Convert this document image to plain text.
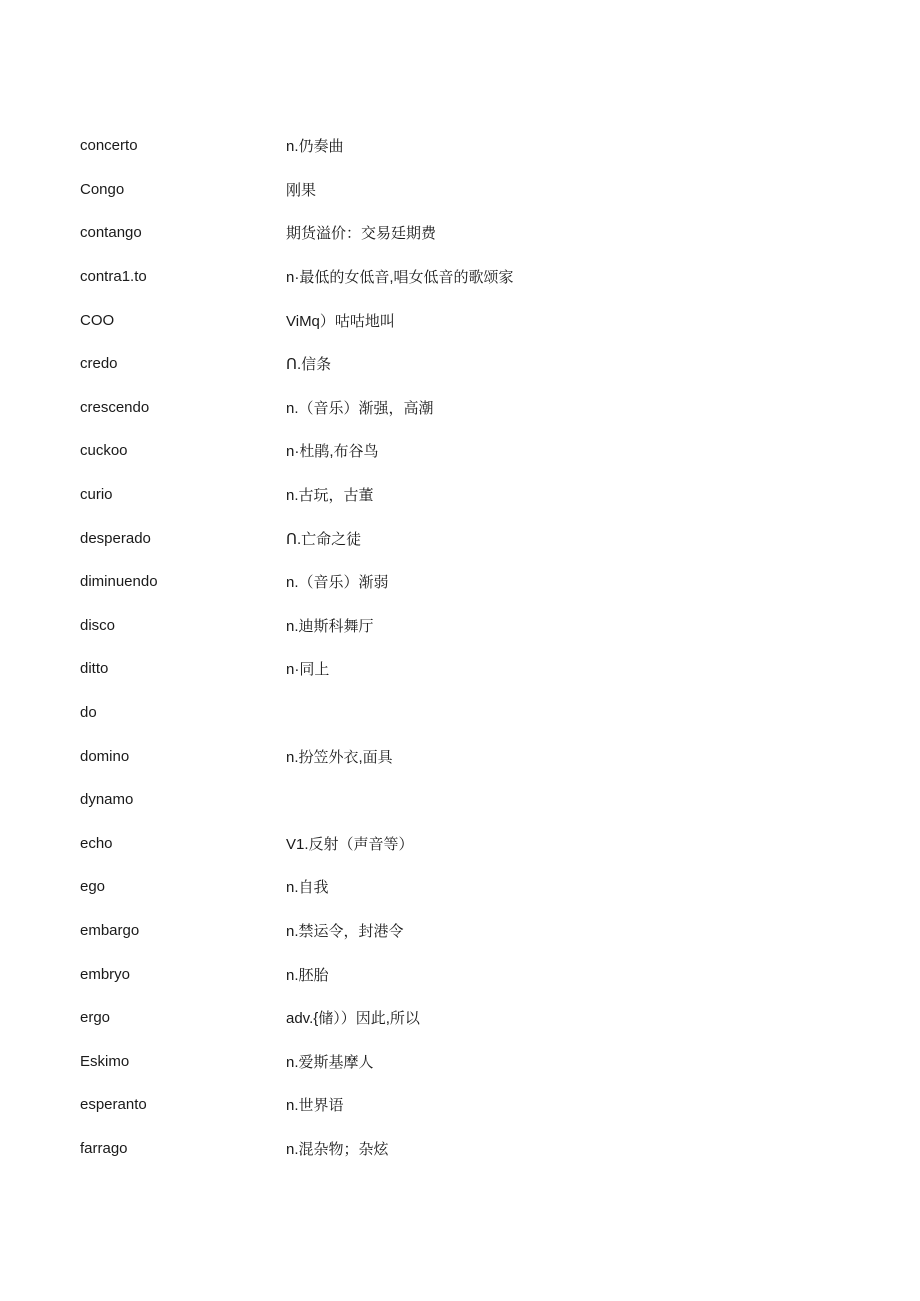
concerto	n.仍奏曲
Congo	刚果
contango	期货溢价：交易廷期费
contra1.to	n·最低的女低音,唱女低音的歌颂家
COO	ViMq）咕咕地叫
credo	Ո.信条
crescendo	n.（音乐）渐强，高潮
cuckoo	n·杜鹃,布谷鸟
curio	n.古玩，古董
desperado	Ո.亡命之徒
diminuendo	n.（音乐）渐弱
disco	n.迪斯科舞厅
ditto	n·同上
do
domino	n.扮笠外衣,面具
dynamo
echo	V1.反射（声音等）
ego	n.自我
embargo	n.禁运令，封港令
embryo	n.胚胎
ergo	adv.{储））因此,所以
Eskimo	n.爱斯基摩人
esperanto	n.世界语
farrago	n.混杂物；杂炫
